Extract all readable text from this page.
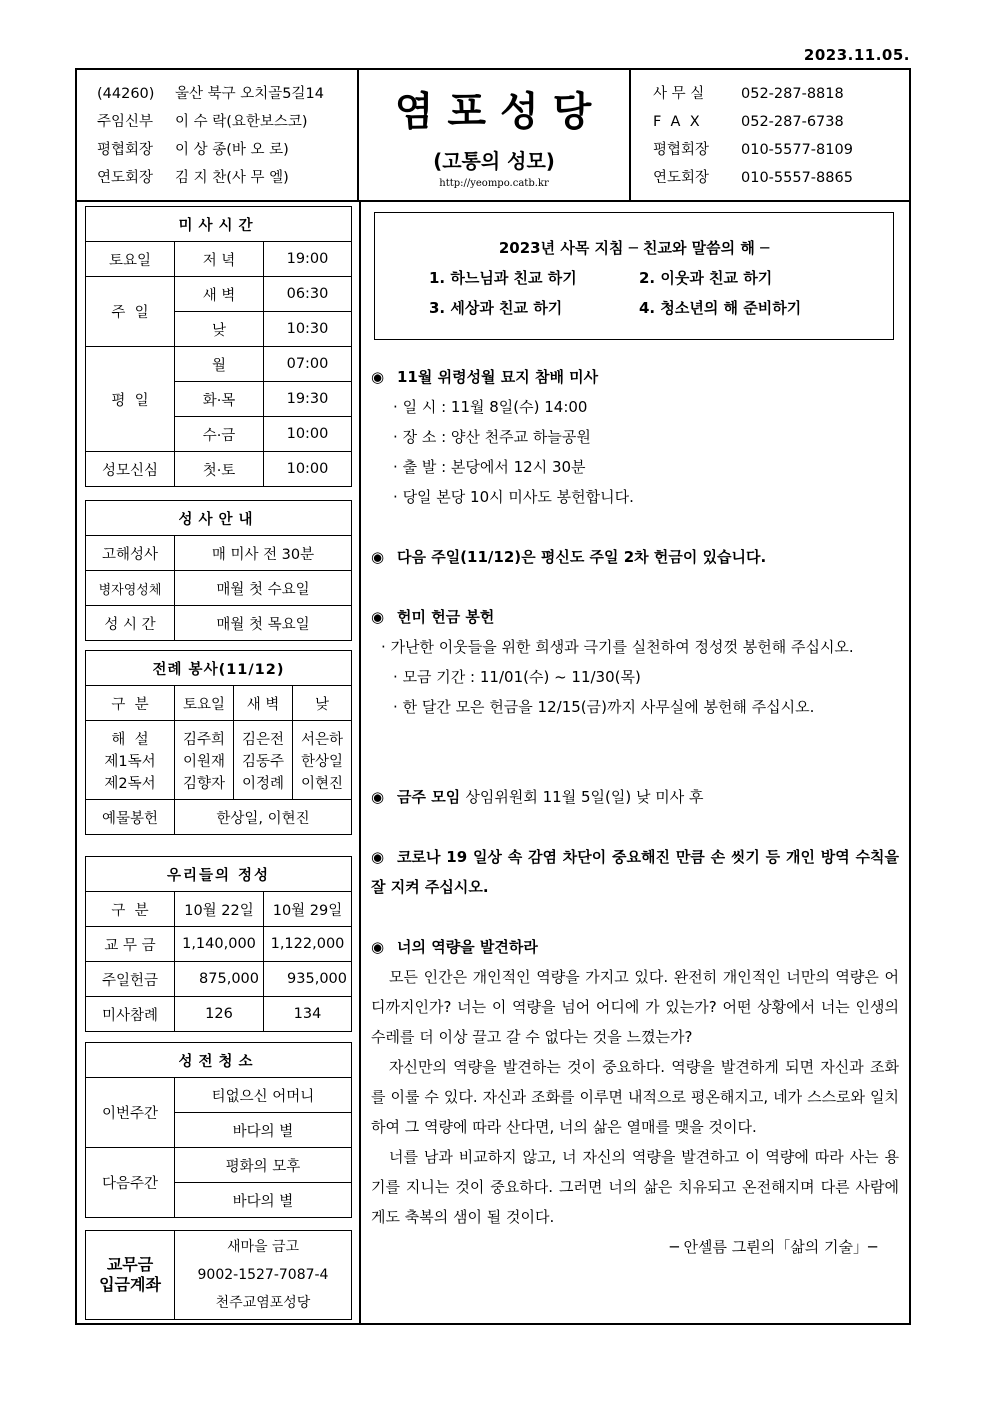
2023.11.05.
(44260) 울산 북구 오치골5길14
주임신부 이 수 락(요한보스코)
평협회장 이 상 종(바 오 로)
연도회장 김 지 찬(사 무 엘)
염포성당
(고통의 성모)
http://yeompo.catb.kr
사 무 실	052-287-8818
F  A  X	052-287-6738
평협회장 010-5577-8109
연도회장 010-5557-8865
미사시간		
토요일	저 녁	19:00
주  일	새 벽	06:30
	낮	10:30
평  일	월	07:00
	화·목	19:30
	수·금	10:00
성모신심	첫·토	10:00
성사안내	
고해성사	매 미사 전 30분
병자영성체	매월 첫 수요일
성 시 간	매월 첫 목요일
전례 봉사(11/12)			
구  분	토요일	새 벽	낮
해  설	김주희	김은전	서은하
제1독서	이원재	김동주	한상일
제2독서	김향자	이정례	이현진
예물봉헌	한상일, 이현진		
우리들의 정성		
구  분	10월 22일	10월 29일
교 무 금	1,140,000	1,122,000
주일헌금	875,000	935,000
미사참례	126	134
성전청소	
이번주간	티없으신 어머니
	바다의 별
다음주간	평화의 모후
	바다의 별
교무금
입금계좌

새마을 금고
9002-1527-7087-4
천주교염포성당
2023년 사목 지침 ─ 친교와 말씀의 해 ─
1. 하느님과 친교 하기	2. 이웃과 친교 하기
3. 세상과 친교 하기	4. 청소년의 해 준비하기
◉ 11월 위령성월 묘지 참배 미사
· 일 시 : 11월 8일(수) 14:00
· 장 소 : 양산 천주교 하늘공원
· 출 발 : 본당에서 12시 30분
· 당일 본당 10시 미사도 봉헌합니다.
◉ 다음 주일(11/12)은 평신도 주일 2차 헌금이 있습니다.
◉ 헌미 헌금 봉헌
· 가난한 이웃들을 위한 희생과 극기를 실천하여 정성껏 봉헌해 주십시오.
· 모금 기간 : 11/01(수) ~ 11/30(목)
· 한 달간 모은 헌금을 12/15(금)까지 사무실에 봉헌해 주십시오.
◉ 금주 모임 상임위원회 11월 5일(일) 낮 미사 후
◉ 코로나 19 일상 속 감염 차단이 중요해진 만큼 손 씻기 등 개인 방역 수칙을 잘 지켜 주십시오.
◉ 너의 역량을 발견하라
모든 인간은 개인적인 역량을 가지고 있다. 완전히 개인적인 너만의 역량은 어디까지인가? 너는 이 역량을 넘어 어디에 가 있는가? 어떤 상황에서 너는 인생의 수레를 더 이상 끌고 갈 수 없다는 것을 느꼈는가?
자신만의 역량을 발견하는 것이 중요하다. 역량을 발견하게 되면 자신과 조화를 이룰 수 있다. 자신과 조화를 이루면 내적으로 평온해지고, 네가 스스로와 일치하여 그 역량에 따라 산다면, 너의 삶은 열매를 맺을 것이다.
너를 남과 비교하지 않고, 너 자신의 역량을 발견하고 이 역량에 따라 사는 용기를 지니는 것이 중요하다. 그러면 너의 삶은 치유되고 온전해지며 다른 사람에게도 축복의 샘이 될 것이다.
─ 안셀름 그륀의「삶의 기술」─
